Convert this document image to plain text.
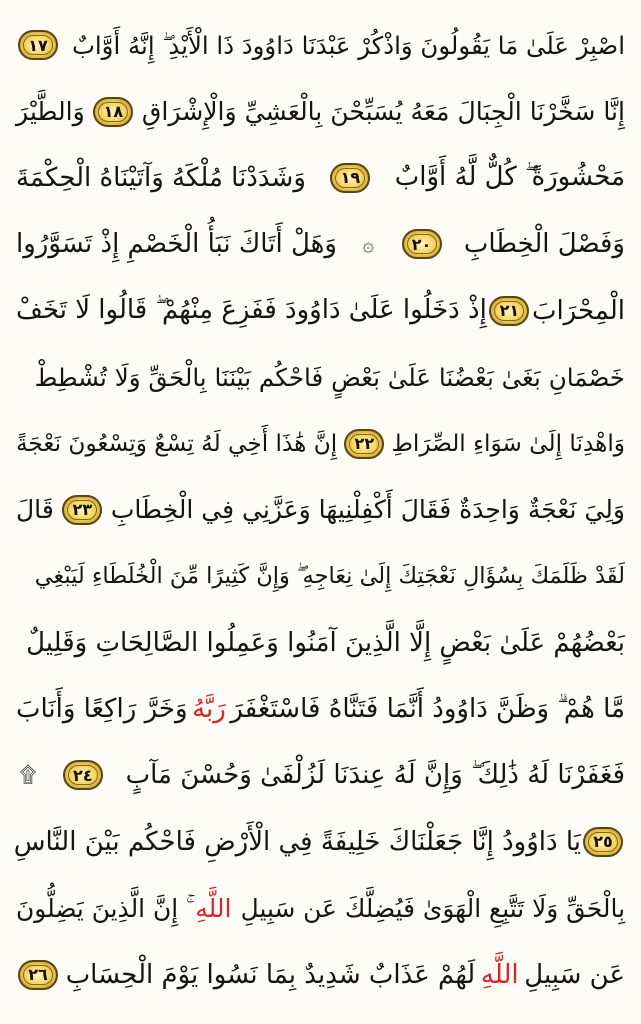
اصْبِرْ عَلَىٰ مَا يَقُولُونَ وَاذْكُرْ عَبْدَنَا دَاوُودَ ذَا الْأَيْدِ ۖ إِنَّهُ أَوَّابٌ
١٧
إِنَّا سَخَّرْنَا الْجِبَالَ مَعَهُ يُسَبِّحْنَ بِالْعَشِيِّ وَالْإِشْرَاقِ
١٨
وَالطَّيْرَ
مَحْشُورَةً ۖ كُلٌّ لَّهُ أَوَّابٌ
١٩
وَشَدَدْنَا مُلْكَهُ وَآتَيْنَاهُ الْحِكْمَةَ
وَفَصْلَ الْخِطَابِ
٢٠
۞
وَهَلْ أَتَاكَ نَبَأُ الْخَصْمِ إِذْ تَسَوَّرُوا
الْمِحْرَابَ
٢١
إِذْ دَخَلُوا عَلَىٰ دَاوُودَ فَفَزِعَ مِنْهُمْ ۖ قَالُوا لَا تَخَفْ
خَصْمَانِ بَغَىٰ بَعْضُنَا عَلَىٰ بَعْضٍ فَاحْكُم بَيْنَنَا بِالْحَقِّ وَلَا تُشْطِطْ
وَاهْدِنَا إِلَىٰ سَوَاءِ الصِّرَاطِ
٢٢
إِنَّ هَٰذَا أَخِي لَهُ تِسْعٌ وَتِسْعُونَ نَعْجَةً
وَلِيَ نَعْجَةٌ وَاحِدَةٌ فَقَالَ أَكْفِلْنِيهَا وَعَزَّنِي فِي الْخِطَابِ
٢٣
قَالَ
لَقَدْ ظَلَمَكَ بِسُؤَالِ نَعْجَتِكَ إِلَىٰ نِعَاجِهِ ۖ وَإِنَّ كَثِيرًا مِّنَ الْخُلَطَاءِ لَيَبْغِي
بَعْضُهُمْ عَلَىٰ بَعْضٍ إِلَّا الَّذِينَ آمَنُوا وَعَمِلُوا الصَّالِحَاتِ وَقَلِيلٌ
مَّا هُمْ ۗ وَظَنَّ دَاوُودُ أَنَّمَا فَتَنَّاهُ فَاسْتَغْفَرَ
رَبَّهُ
وَخَرَّ رَاكِعًا وَأَنَابَ
فَغَفَرْنَا لَهُ ذَٰلِكَ ۖ وَإِنَّ لَهُ عِندَنَا لَزُلْفَىٰ وَحُسْنَ مَآبٍ
٢٤
۩
٢٥
يَا دَاوُودُ إِنَّا جَعَلْنَاكَ خَلِيفَةً فِي الْأَرْضِ فَاحْكُم بَيْنَ النَّاسِ
بِالْحَقِّ وَلَا تَتَّبِعِ الْهَوَىٰ فَيُضِلَّكَ عَن سَبِيلِ
اللَّهِ
ۚ إِنَّ الَّذِينَ يَضِلُّونَ
عَن سَبِيلِ
اللَّهِ
لَهُمْ عَذَابٌ شَدِيدٌ بِمَا نَسُوا يَوْمَ الْحِسَابِ
٢٦
